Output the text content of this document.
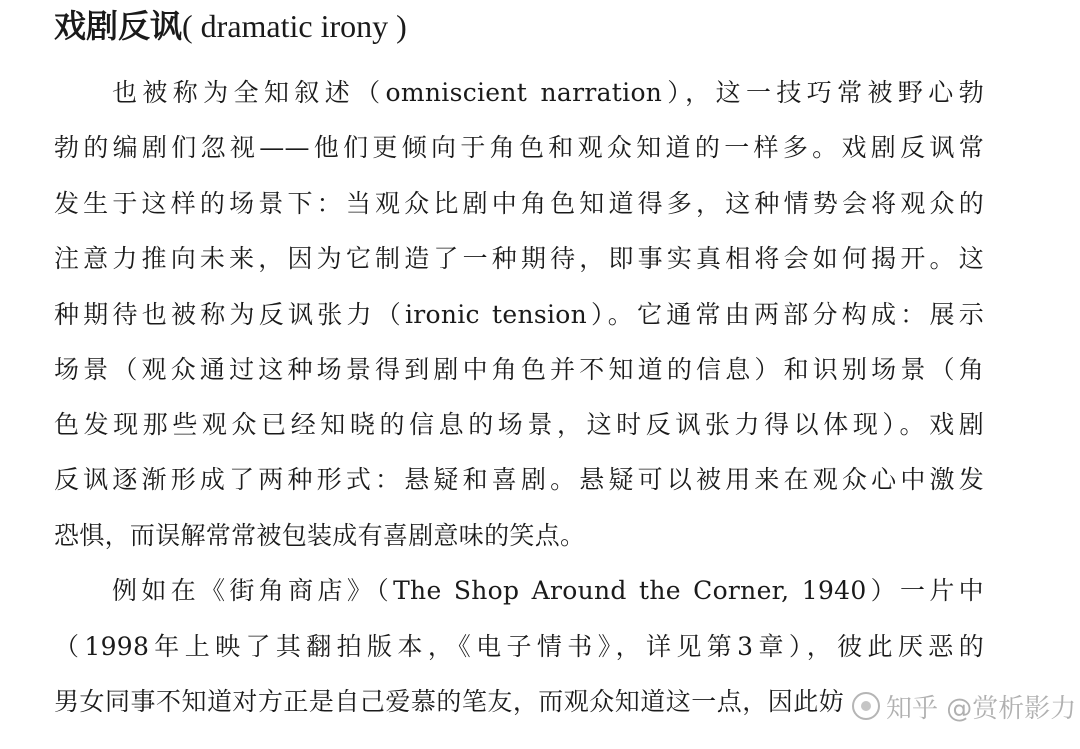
戏剧反讽( dramatic irony )

也被称为全知叙述（omniscient narration），这一技巧常被野心勃

勃的编剧们忽视——他们更倾向于角色和观众知道的一样多。戏剧反讽常

发生于这样的场景下：当观众比剧中角色知道得多，这种情势会将观众的

注意力推向未来，因为它制造了一种期待，即事实真相将会如何揭开。这

种期待也被称为反讽张力（ironic tension）。它通常由两部分构成：展示

场景（观众通过这种场景得到剧中角色并不知道的信息）和识别场景（角

色发现那些观众已经知晓的信息的场景，这时反讽张力得以体现）。戏剧

反讽逐渐形成了两种形式：悬疑和喜剧。悬疑可以被用来在观众心中激发

恐惧，而误解常常被包装成有喜剧意味的笑点。

例如在《街角商店》（The Shop Around the Corner, 1940）一片中

（1998年上映了其翻拍版本，《电子情书》，详见第3章），彼此厌恶的

男女同事不知道对方正是自己爱慕的笔友，而观众知道这一点，因此妨 知乎 @赏析影力
